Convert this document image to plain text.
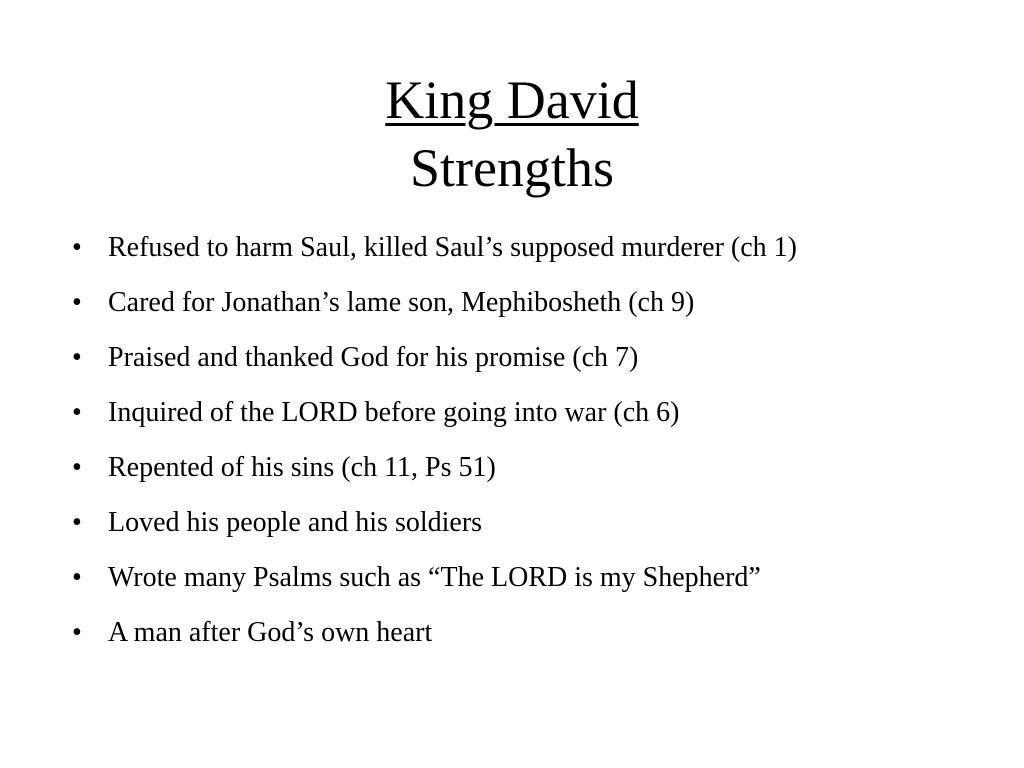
King David
Strengths
• Refused to harm Saul, killed Saul’s supposed murderer (ch 1)
• Cared for Jonathan’s lame son, Mephibosheth (ch 9)
• Praised and thanked God for his promise (ch 7)
• Inquired of the LORD before going into war (ch 6)
• Repented of his sins (ch 11, Ps 51)
• Loved his people and his soldiers
• Wrote many Psalms such as “The LORD is my Shepherd”
• A man after God’s own heart
